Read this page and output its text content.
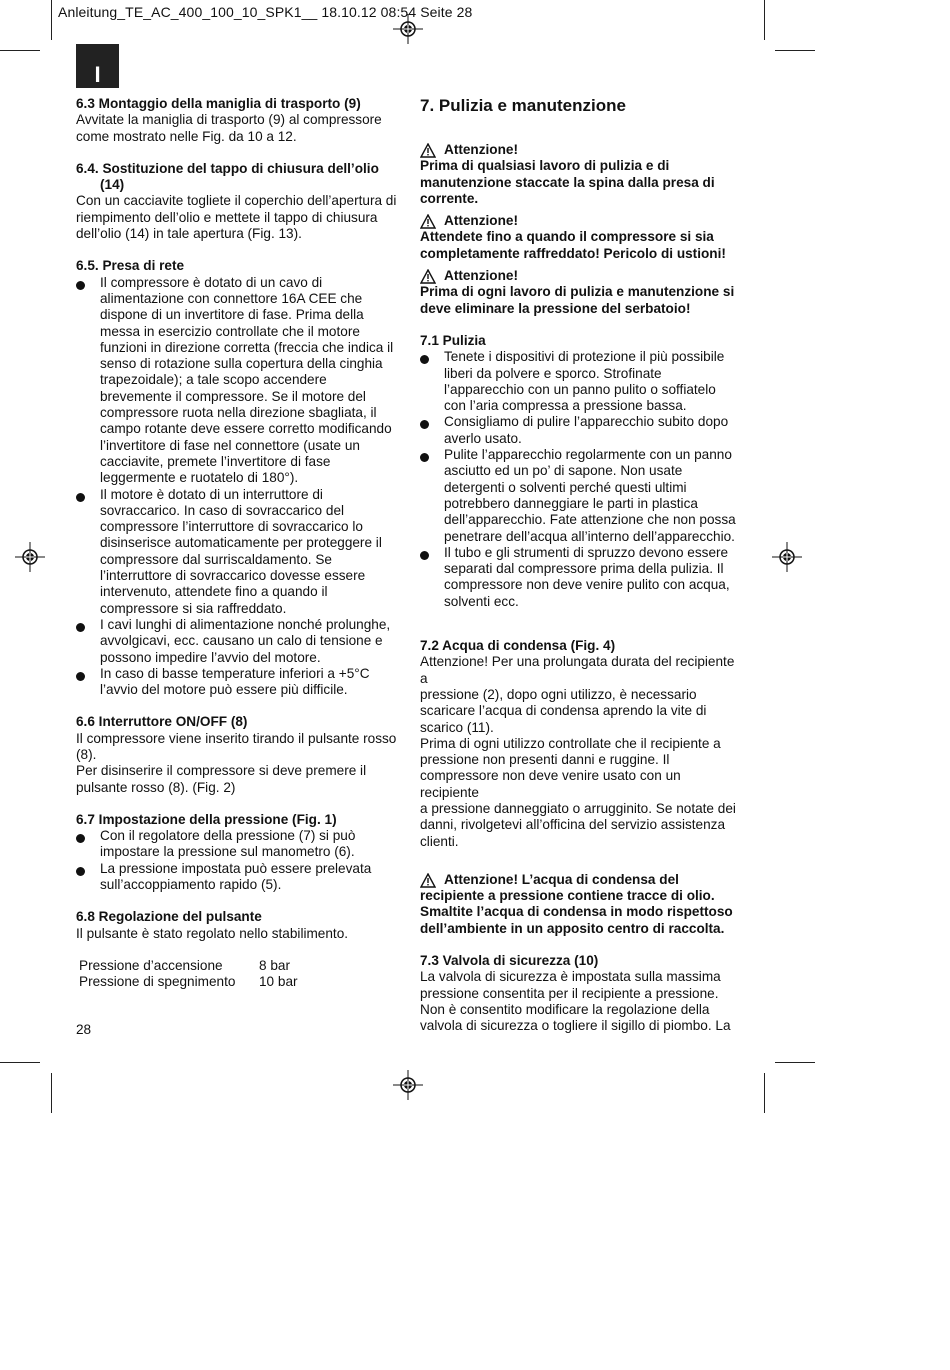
Anleitung_TE_AC_400_100_10_SPK1__ 18.10.12 08:54 Seite 28
I
6.3 Montaggio della maniglia di trasporto (9)
Avvitate la maniglia di trasporto (9) al compressore
come mostrato nelle Fig. da 10 a 12.
6.4. Sostituzione del tappo di chiusura dell’olio
(14)
Con un cacciavite togliete il coperchio dell’apertura di
riempimento dell’olio e mettete il tappo di chiusura
dell’olio (14) in tale apertura (Fig. 13).
6.5. Presa di rete
Il compressore è dotato di un cavo di
alimentazione con connettore 16A CEE che
dispone di un invertitore di fase. Prima della
messa in esercizio controllate che il motore
funzioni in direzione corretta (freccia che indica il
senso di rotazione sulla copertura della cinghia
trapezoidale); a tale scopo accendere
brevemente il compressore. Se il motore del
compressore ruota nella direzione sbagliata, il
campo rotante deve essere corretto modificando
l’invertitore di fase nel connettore (usate un
cacciavite, premete l’invertitore di fase
leggermente e ruotatelo di 180°).
Il motore è dotato di un interruttore di
sovraccarico. In caso di sovraccarico del
compressore l’interruttore di sovraccarico lo
disinserisce automaticamente per proteggere il
compressore dal surriscaldamento. Se
l’interruttore di sovraccarico dovesse essere
intervenuto, attendete fino a quando il
compressore si sia raffreddato.
I cavi lunghi di alimentazione nonché prolunghe,
avvolgicavi, ecc. causano un calo di tensione e
possono impedire l’avvio del motore.
In caso di basse temperature inferiori a +5°C
l’avvio del motore può essere più difficile.
6.6 Interruttore ON/OFF (8)
Il compressore viene inserito tirando il pulsante rosso
(8).
Per disinserire il compressore si deve premere il
pulsante rosso (8). (Fig. 2)
6.7 Impostazione della pressione (Fig. 1)
Con il regolatore della pressione (7) si può
impostare la pressione sul manometro (6).
La pressione impostata può essere prelevata
sull’accoppiamento rapido (5).
6.8 Regolazione del pulsante
Il pulsante è stato regolato nello stabilimento.
Pressione d’accensione	8 bar
Pressione di spegnimento	10 bar
7. Pulizia e manutenzione
Attenzione!
Prima di qualsiasi lavoro di pulizia e di
manutenzione staccate la spina dalla presa di
corrente.
Attenzione!
Attendete fino a quando il compressore si sia
completamente raffreddato! Pericolo di ustioni!
Attenzione!
Prima di ogni lavoro di pulizia e manutenzione si
deve eliminare la pressione del serbatoio!
7.1 Pulizia
Tenete i dispositivi di protezione il più possibile
liberi da polvere e sporco. Strofinate
l’apparecchio con un panno pulito o soffiatelo
con l’aria compressa a pressione bassa.
Consigliamo di pulire l’apparecchio subito dopo
averlo usato.
Pulite l’apparecchio regolarmente con un panno
asciutto ed un po’ di sapone. Non usate
detergenti o solventi perché questi ultimi
potrebbero danneggiare le parti in plastica
dell’apparecchio. Fate attenzione che non possa
penetrare dell’acqua all’interno dell’apparecchio.
Il tubo e gli strumenti di spruzzo devono essere
separati dal compressore prima della pulizia. Il
compressore non deve venire pulito con acqua,
solventi ecc.
7.2 Acqua di condensa (Fig. 4)
Attenzione! Per una prolungata durata del recipiente a
pressione (2), dopo ogni utilizzo, è necessario
scaricare l’acqua di condensa aprendo la vite di
scarico (11).
Prima di ogni utilizzo controllate che il recipiente a
pressione non presenti danni e ruggine. Il
compressore non deve venire usato con un recipiente
a pressione danneggiato o arrugginito. Se notate dei
danni, rivolgetevi all’officina del servizio assistenza
clienti.
Attenzione! L’acqua di condensa del
recipiente a pressione contiene tracce di olio.
Smaltite l’acqua di condensa in modo rispettoso
dell’ambiente in un apposito centro di raccolta.
7.3 Valvola di sicurezza (10)
La valvola di sicurezza è impostata sulla massima
pressione consentita per il recipiente a pressione.
Non è consentito modificare la regolazione della
valvola di sicurezza o togliere il sigillo di piombo. La
28
